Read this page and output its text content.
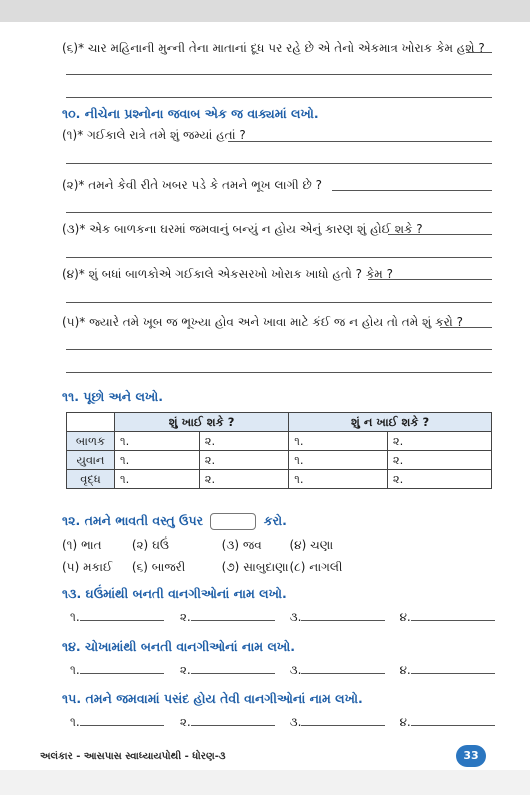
(૬)* ચાર મહિનાની મુન્ની તેના માતાનાં દૂધ પર રહે છે એ તેનો એકમાત્ર ખોરાક કેમ હશે ?
૧૦. નીચેના પ્રશ્નોના જવાબ એક જ વાક્યમાં લખો.
(૧)* ગઈકાલે રાત્રે તમે શું જમ્યાં હતાં ?
(૨)* તમને કેવી રીતે ખબર પડે કે તમને ભૂખ લાગી છે ?
(૩)* એક બાળકના ઘરમાં જમવાનું બન્યું ન હોય એનું કારણ શું હોઈ શકે ?
(૪)* શું બધાં બાળકોએ ગઈકાલે એકસરખો ખોરાક ખાધો હતો ? કેમ ?
(૫)* જ્યારે તમે ખૂબ જ ભૂખ્યા હોવ અને ખાવા માટે કંઈ જ ન હોય તો તમે શું કરો ?
૧૧. પૂછો અને લખો.
	શું ખાઈ શકે ?		શું ન ખાઈ શકે ?	
બાળક	૧.	૨.	૧.	૨.
યુવાન	૧.	૨.	૧.	૨.
વૃદ્ધ	૧.	૨.	૧.	૨.
૧૨. તમને ભાવતી વસ્તુ ઉપર	કરો.
(૧) ભાત	(૨) ઘઉં	(૩) જવ (૪) ચણા
(૫) મકાઈ (૬) બાજરી	(૭) સાબુદાણા (૮) નાગલી
૧૩. ઘઉંમાંથી બનતી વાનગીઓનાં નામ લખો.
૧.	૨.	૩.	૪.
૧૪. ચોખામાંથી બનતી વાનગીઓનાં નામ લખો.
૧.	૨.	૩.	૪.
૧૫. તમને જમવામાં પસંદ હોય તેવી વાનગીઓનાં નામ લખો.
૧.	૨.	૩.	૪.
અલંકાર - આસપાસ સ્વાધ્યાયપોથી - ધોરણ-૩	33
